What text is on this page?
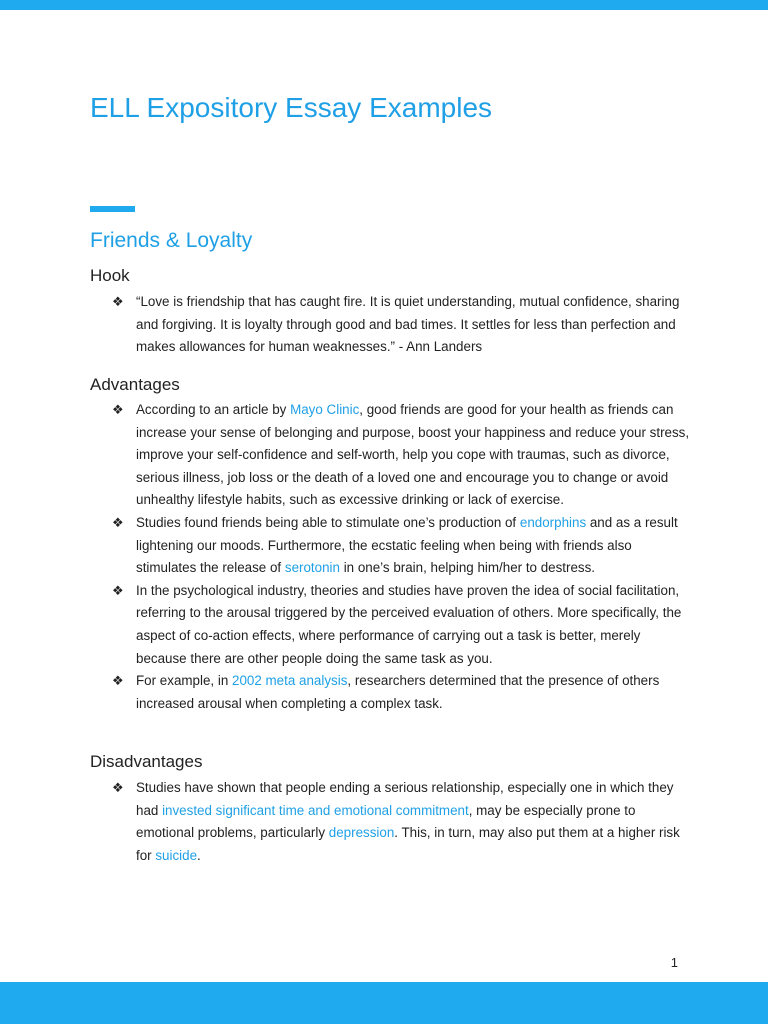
ELL Expository Essay Examples
Friends & Loyalty
Hook
❖ “Love is friendship that has caught fire. It is quiet understanding, mutual confidence, sharing and forgiving. It is loyalty through good and bad times. It settles for less than perfection and makes allowances for human weaknesses.” - Ann Landers
Advantages
❖ According to an article by Mayo Clinic, good friends are good for your health as friends can increase your sense of belonging and purpose, boost your happiness and reduce your stress, improve your self-confidence and self-worth, help you cope with traumas, such as divorce, serious illness, job loss or the death of a loved one and encourage you to change or avoid unhealthy lifestyle habits, such as excessive drinking or lack of exercise.
❖ Studies found friends being able to stimulate one’s production of endorphins and as a result lightening our moods. Furthermore, the ecstatic feeling when being with friends also stimulates the release of serotonin in one’s brain, helping him/her to destress.
❖ In the psychological industry, theories and studies have proven the idea of social facilitation, referring to the arousal triggered by the perceived evaluation of others. More specifically, the aspect of co-action effects, where performance of carrying out a task is better, merely because there are other people doing the same task as you.
❖ For example, in 2002 meta analysis, researchers determined that the presence of others increased arousal when completing a complex task.
Disadvantages
❖ Studies have shown that people ending a serious relationship, especially one in which they had invested significant time and emotional commitment, may be especially prone to emotional problems, particularly depression. This, in turn, may also put them at a higher risk for suicide.
1
